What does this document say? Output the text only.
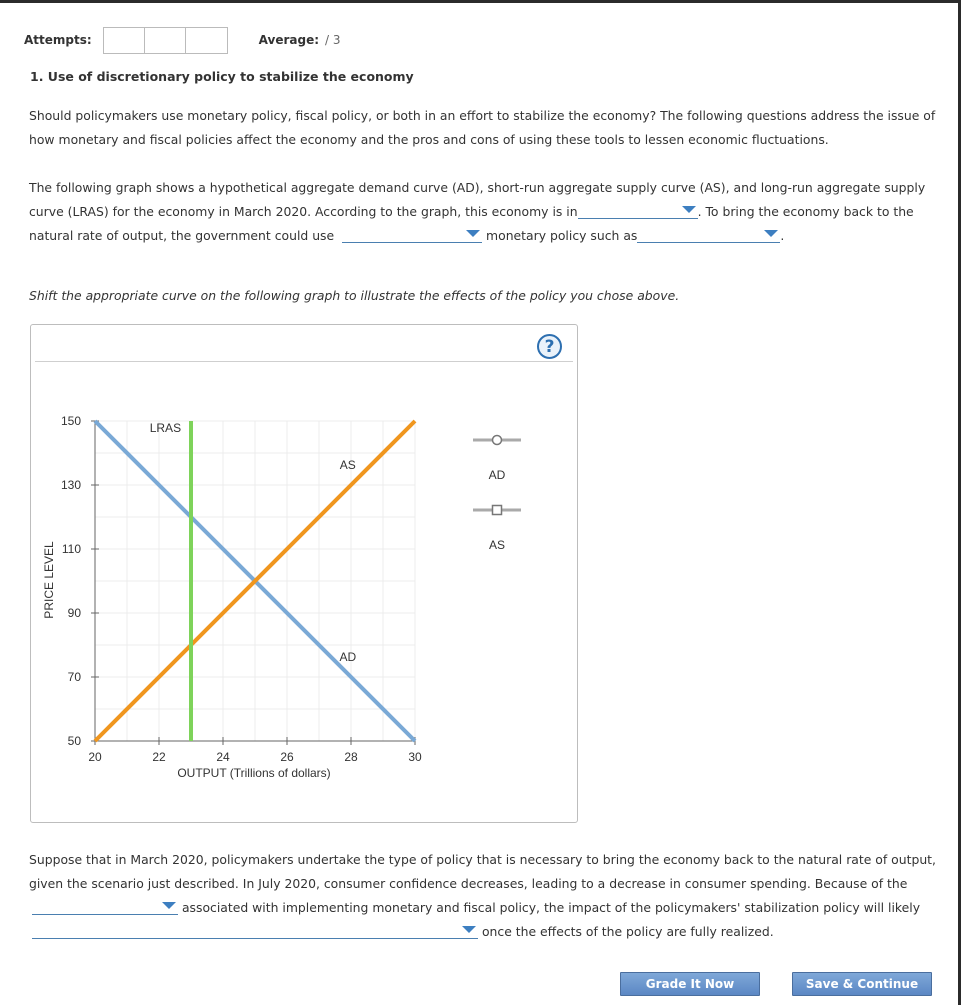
Attempts:	Average: / 3
1. Use of discretionary policy to stabilize the economy
Should policymakers use monetary policy, fiscal policy, or both in an effort to stabilize the economy? The following questions address the issue of how monetary and fiscal policies affect the economy and the pros and cons of using these tools to lessen economic fluctuations.
The following graph shows a hypothetical aggregate demand curve (AD), short-run aggregate supply curve (AS), and long-run aggregate supply curve (LRAS) for the economy in March 2020. According to the graph, this economy is in	. To bring the economy back to the natural rate of output, the government could use	monetary policy such as	.
Shift the appropriate curve on the following graph to illustrate the effects of the policy you chose above.
?
20	22	24	26	28	30
50
70
90
110
130
150
LRAS
AS
AD
PRICE LEVEL
OUTPUT (Trillions of dollars)
AD
AS
Suppose that in March 2020, policymakers undertake the type of policy that is necessary to bring the economy back to the natural rate of output, given the scenario just described. In July 2020, consumer confidence decreases, leading to a decrease in consumer spending. Because of the
associated with implementing monetary and fiscal policy, the impact of the policymakers' stabilization policy will likely
once the effects of the policy are fully realized.
Grade It Now	Save & Continue
